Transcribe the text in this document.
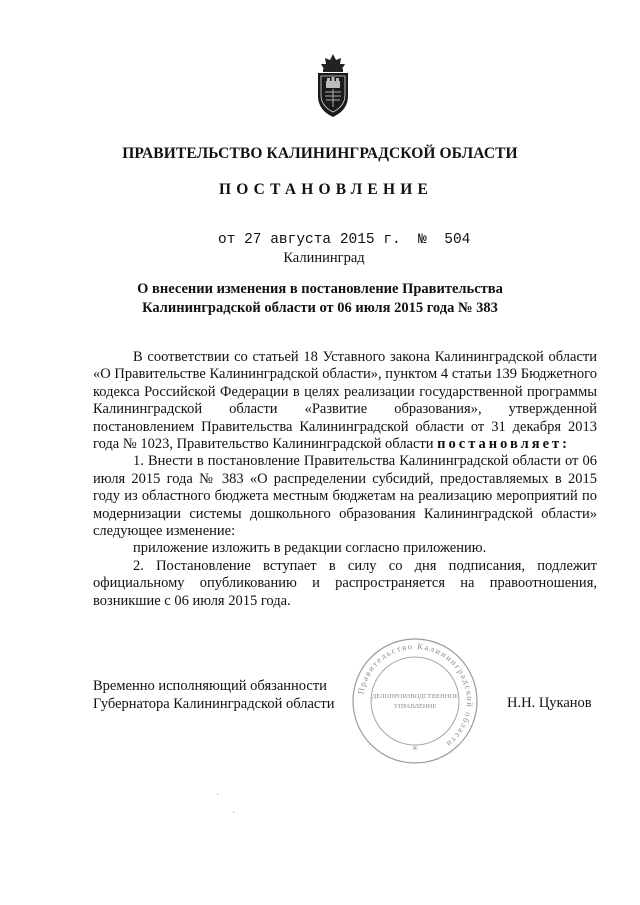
ПРАВИТЕЛЬСТВО КАЛИНИНГРАДСКОЙ ОБЛАСТИ
ПОСТАНОВЛЕНИЕ
от 27 августа 2015 г.  №  504
Калининград
О внесении изменения в постановление Правительства
Калининградской области от 06 июля 2015 года № 383

В соответствии со статьей 18 Уставного закона Калининградской области «О Правительстве Калининградской области», пунктом 4 статьи 139 Бюджетного кодекса Российской Федерации в целях реализации государственной программы Калининградской области «Развитие образования», утвержденной постановлением Правительства Калининградской области от 31 декабря 2013 года № 1023, Правительство Калининградской области постановляет:

1. Внести в постановление Правительства Калининградской области от 06 июля 2015 года № 383 «О распределении субсидий, предоставляемых в 2015 году из областного бюджета местным бюджетам на реализацию мероприятий по модернизации системы дошкольного образования Калининградской области» следующее изменение:

приложение изложить в редакции согласно приложению.

2. Постановление вступает в силу со дня подписания, подлежит официальному опубликованию и распространяется на правоотношения, возникшие с 06 июля 2015 года.

Временно исполняющий обязанности
Губернатора Калининградской области
Правительство Калининградской области
ДЕЛОПРОИЗВОДСТВЕННОЕ
УПРАВЛЕНИЕ
✳
Н.Н. Цуканов
·
·
